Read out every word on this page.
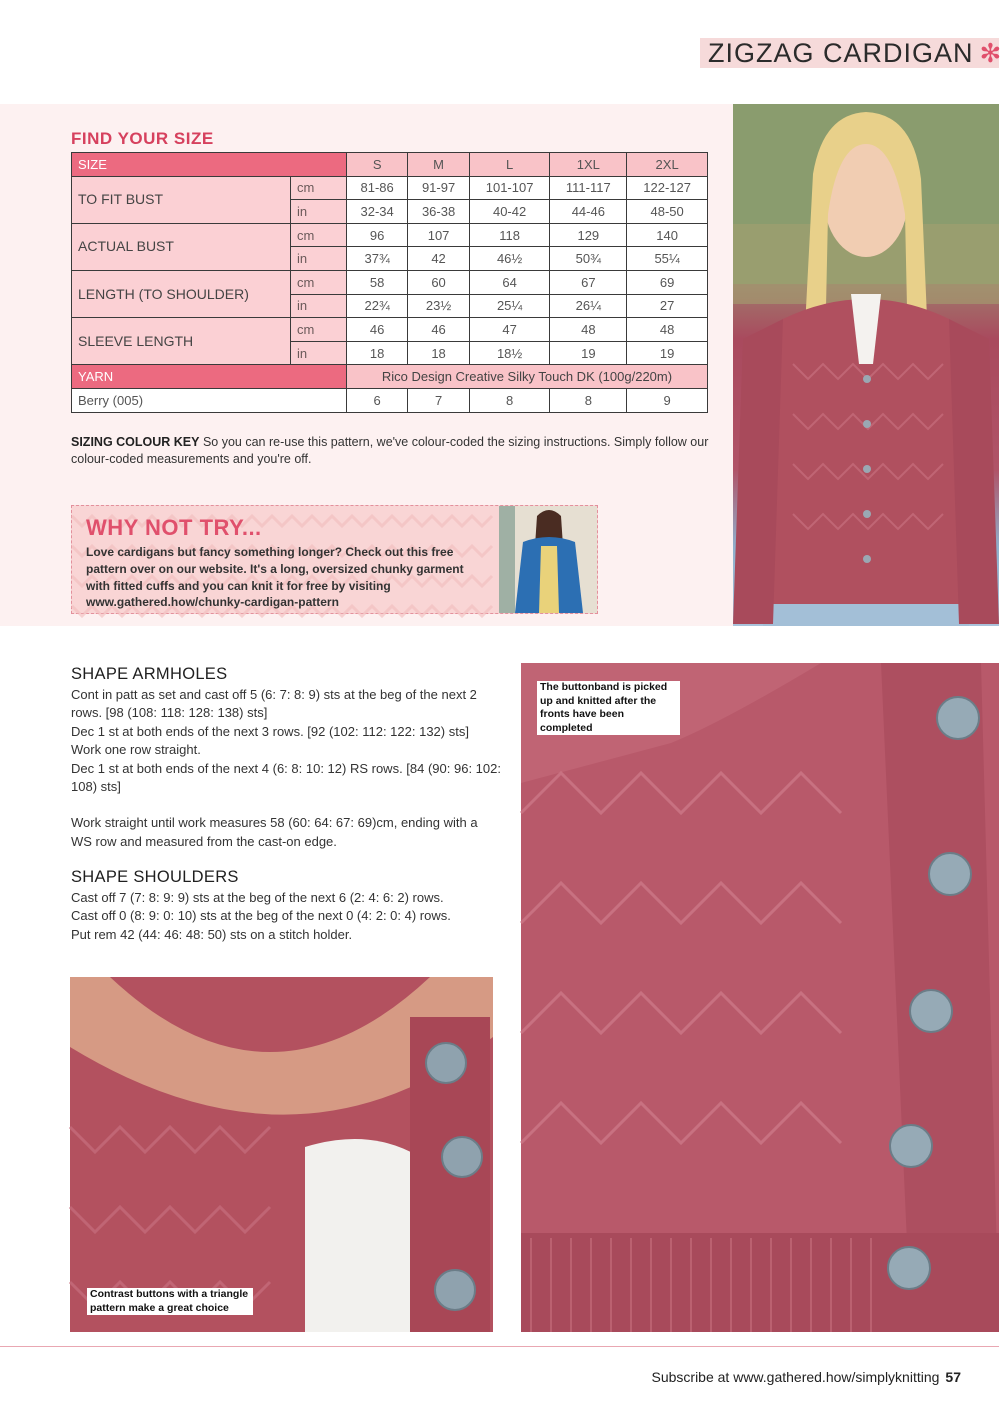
ZIGZAG CARDIGAN ✻
FIND YOUR SIZE
SIZE		S	M	L	1XL	2XL
TO FIT BUST	cm	81-86	91-97	101-107	111-117	122-127
	in	32-34	36-38	40-42	44-46	48-50
ACTUAL BUST	cm	96	107	118	129	140
	in	37¾	42	46½	50¾	55¼
LENGTH (TO SHOULDER)	cm	58	60	64	67	69
	in	22¾	23½	25¼	26¼	27
SLEEVE LENGTH	cm	46	46	47	48	48
	in	18	18	18½	19	19
YARN		Rico Design Creative Silky Touch DK (100g/220m)				
Berry (005)		6	7	8	8	9
SIZING COLOUR KEY So you can re-use this pattern, we've colour-coded the sizing instructions. Simply follow our colour-coded measurements and you're off.
WHY NOT TRY...
Love cardigans but fancy something longer? Check out this free pattern over on our website. It's a long, oversized chunky garment with fitted cuffs and you can knit it for free by visiting www.gathered.how/chunky-cardigan-pattern
SHAPE ARMHOLES

Cont in patt as set and cast off 5 (6: 7: 8: 9) sts at the beg of the next 2 rows. [98 (108: 118: 128: 138) sts]

Dec 1 st at both ends of the next 3 rows. [92 (102: 112: 122: 132) sts]

Work one row straight.

Dec 1 st at both ends of the next 4 (6: 8: 10: 12) RS rows. [84 (90: 96: 102: 108) sts]

Work straight until work measures 58 (60: 64: 67: 69)cm, ending with a WS row and measured from the cast-on edge.

SHAPE SHOULDERS

Cast off 7 (7: 8: 9: 9) sts at the beg of the next 6 (2: 4: 6: 2) rows.

Cast off 0 (8: 9: 0: 10) sts at the beg of the next 0 (4: 2: 0: 4) rows.

Put rem 42 (44: 46: 48: 50) sts on a stitch holder.

Contrast buttons with a triangle pattern make a great choice
The buttonband is picked up and knitted after the fronts have been completed
Subscribe at www.gathered.how/simplyknitting 57
